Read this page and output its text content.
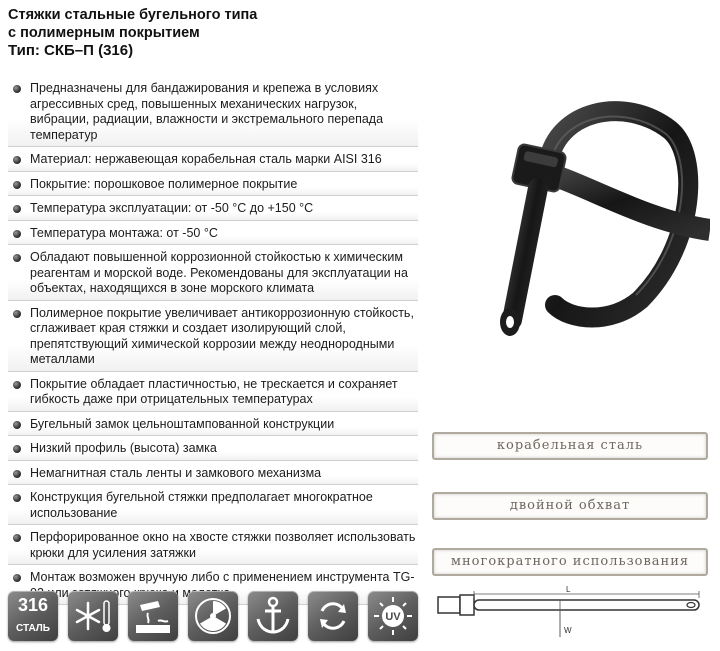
Стяжки стальные бугельного типа
с полимерным покрытием
Тип: СКБ–П (316)
Предназначены для бандажирования и крепежа в условиях агрессивных сред, повышенных механических нагрузок, вибрации, радиации, влажности и экстремального перепада температур
Материал: нержавеющая корабельная сталь марки AISI 316
Покрытие: порошковое полимерное покрытие
Температура эксплуатации: от -50 °C до +150 °C
Температура монтажа: от -50 °C
Обладают повышенной коррозионной стойкостью к химическим реагентам и морской воде. Рекомендованы для эксплуатации на объектах, находящихся в зоне морского климата
Полимерное покрытие увеличивает антикоррозионную стойкость, сглаживает края стяжки и создает изолирующий слой, препятствующий химической коррозии между неоднородными металлами
Покрытие обладает пластичностью, не трескается и сохраняет гибкость даже при отрицательных температурах
Бугельный замок цельноштампованной конструкции
Низкий профиль (высота) замка
Немагнитная сталь ленты и замкового механизма
Конструкция бугельной стяжки предполагает многократное использование
Перфорированное окно на хвосте стяжки позволяет использовать крюки для усиления затяжки
Монтаж возможен вручную либо с применением инструмента TG- или
корабельная сталь
двойной обхват
многократного использования
316
СТАЛЬ
UV
L
W
